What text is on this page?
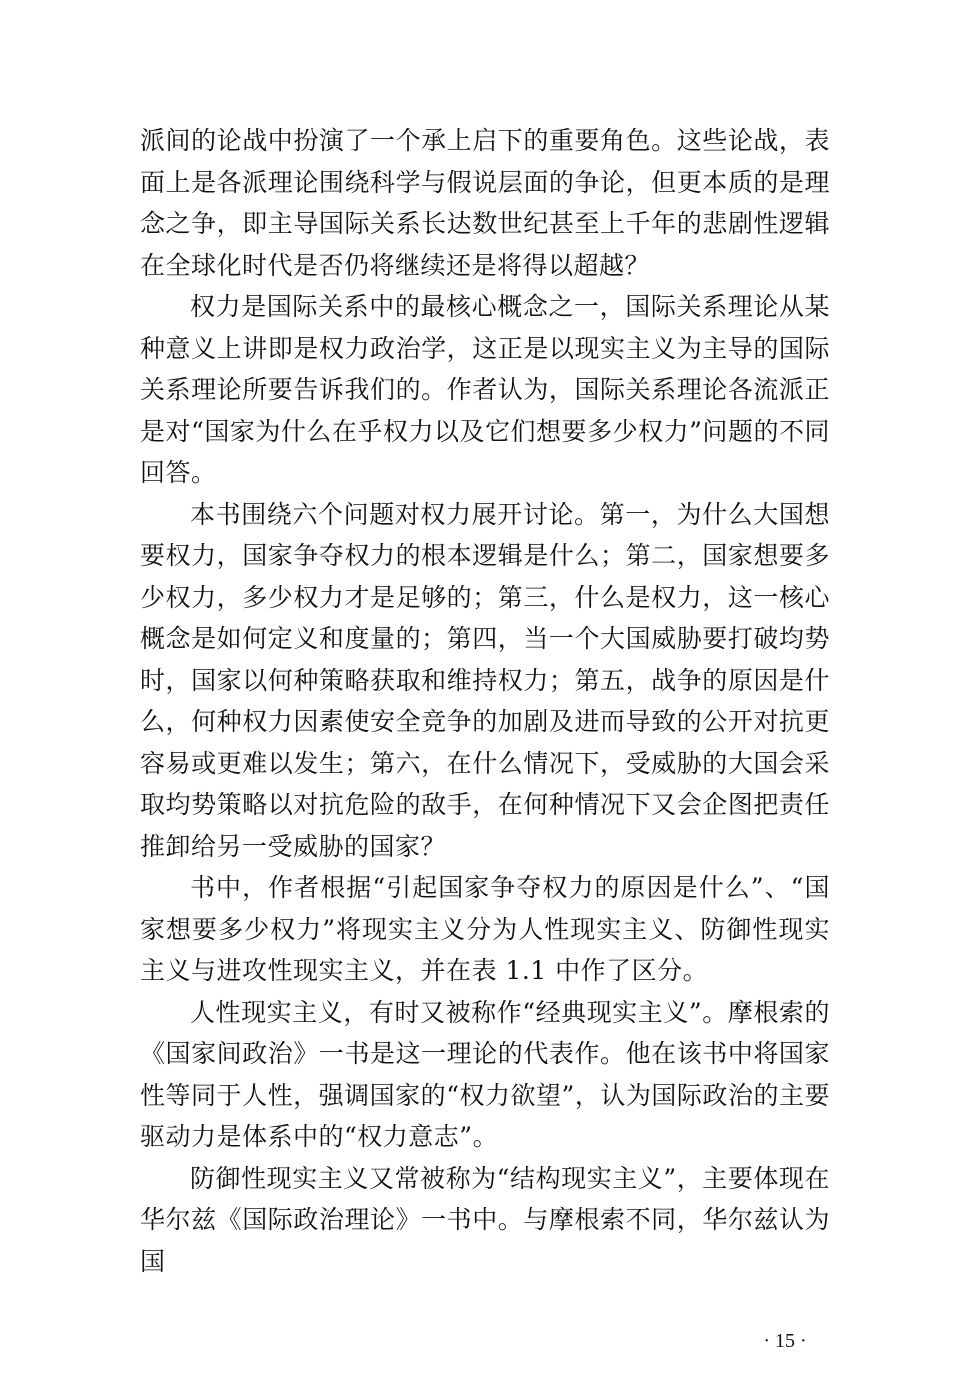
派间的论战中扮演了一个承上启下的重要角色。这些论战，表面上是各派理论围绕科学与假说层面的争论，但更本质的是理念之争，即主导国际关系长达数世纪甚至上千年的悲剧性逻辑在全球化时代是否仍将继续还是将得以超越？

权力是国际关系中的最核心概念之一，国际关系理论从某种意义上讲即是权力政治学，这正是以现实主义为主导的国际关系理论所要告诉我们的。作者认为，国际关系理论各流派正是对“国家为什么在乎权力以及它们想要多少权力”问题的不同回答。

本书围绕六个问题对权力展开讨论。第一，为什么大国想要权力，国家争夺权力的根本逻辑是什么；第二，国家想要多少权力，多少权力才是足够的；第三，什么是权力，这一核心概念是如何定义和度量的；第四，当一个大国威胁要打破均势时，国家以何种策略获取和维持权力；第五，战争的原因是什么，何种权力因素使安全竞争的加剧及进而导致的公开对抗更容易或更难以发生；第六，在什么情况下，受威胁的大国会采取均势策略以对抗危险的敌手，在何种情况下又会企图把责任推卸给另一受威胁的国家？

书中，作者根据“引起国家争夺权力的原因是什么”、“国家想要多少权力”将现实主义分为人性现实主义、防御性现实主义与进攻性现实主义，并在表 1.1 中作了区分。

人性现实主义，有时又被称作“经典现实主义”。摩根索的《国家间政治》一书是这一理论的代表作。他在该书中将国家性等同于人性，强调国家的“权力欲望”，认为国际政治的主要驱动力是体系中的“权力意志”。

防御性现实主义又常被称为“结构现实主义”，主要体现在华尔兹《国际政治理论》一书中。与摩根索不同，华尔兹认为国

· 15 ·
